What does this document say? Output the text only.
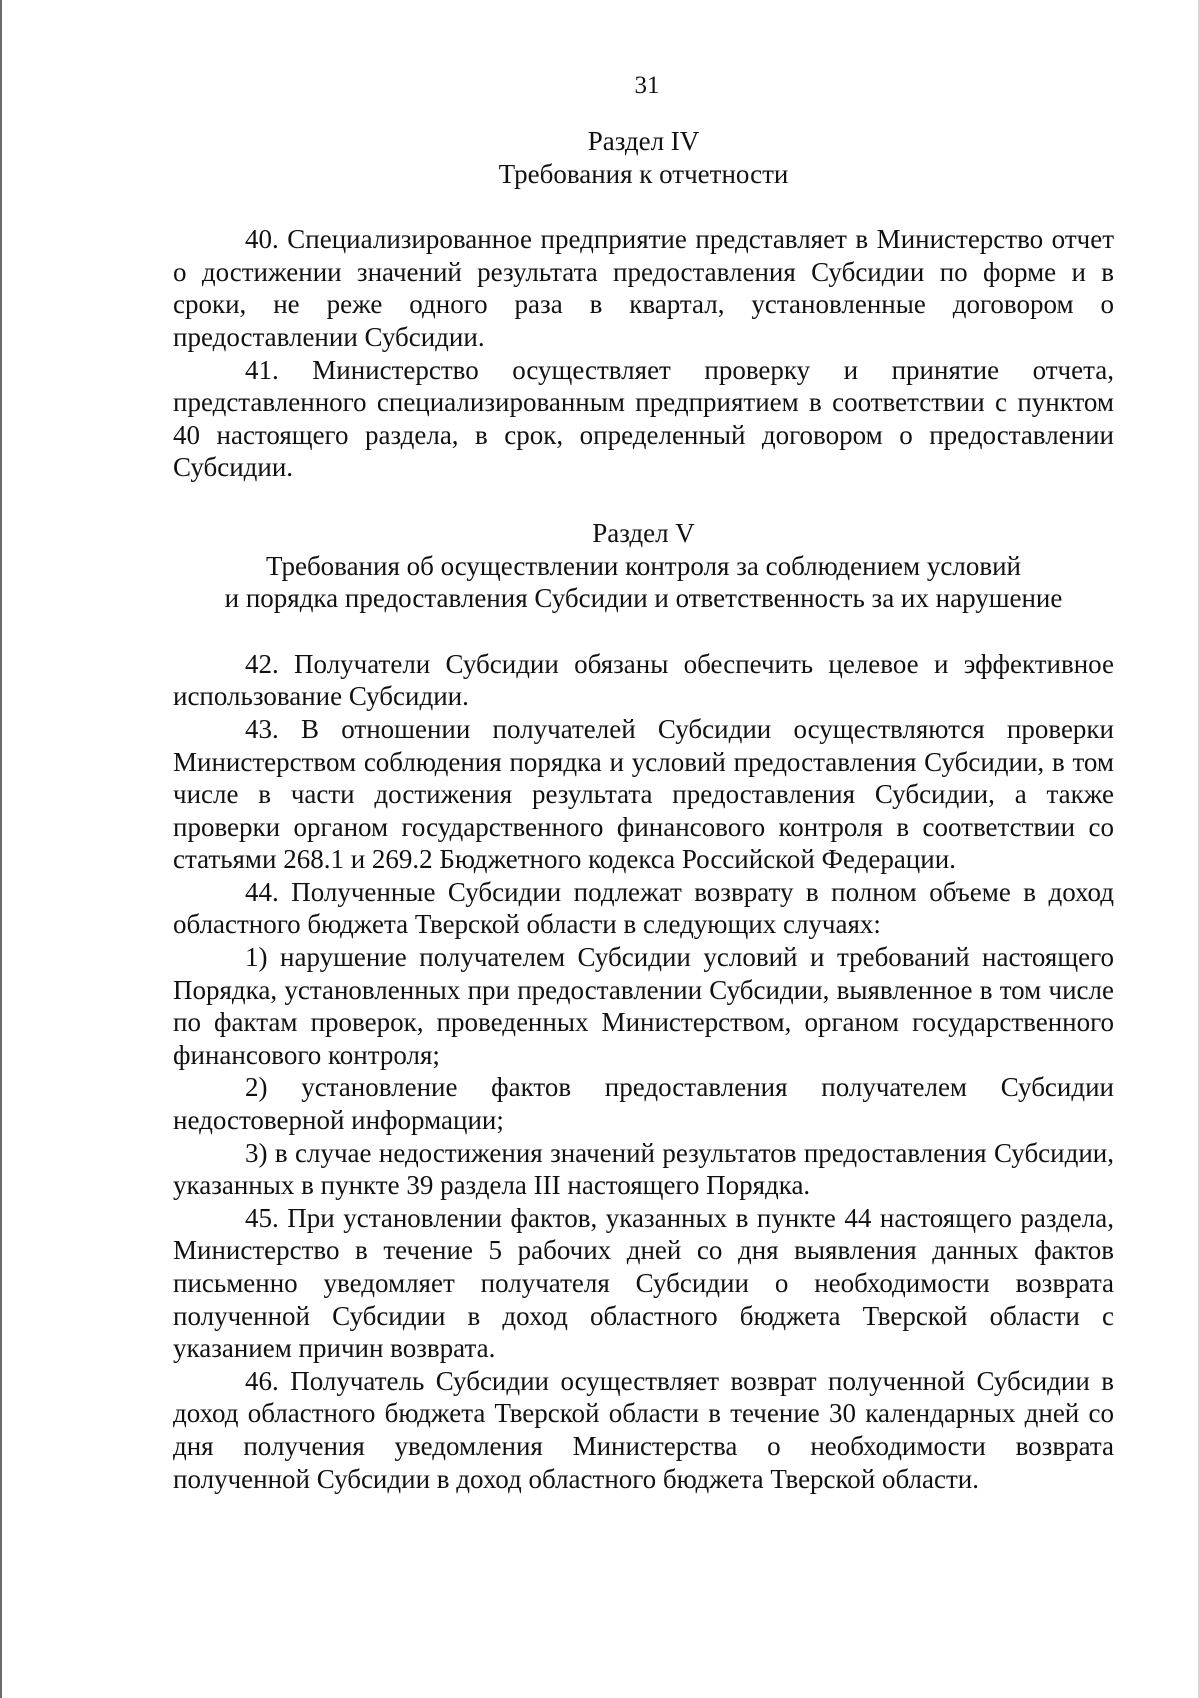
31
Раздел IV
Требования к отчетности

40. Специализированное предприятие представляет в Министерство отчет о достижении значений результата предоставления Субсидии по форме и в сроки, не реже одного раза в квартал, установленные договором о предоставлении Субсидии.

41. Министерство осуществляет проверку и принятие отчета, представленного специализированным предприятием в соответствии с пунктом 40 настоящего раздела, в срок, определенный договором о предоставлении Субсидии.

Раздел V
Требования об осуществлении контроля за соблюдением условий
и порядка предоставления Субсидии и ответственность за их нарушение

42. Получатели Субсидии обязаны обеспечить целевое и эффективное использование Субсидии.

43. В отношении получателей Субсидии осуществляются проверки Министерством соблюдения порядка и условий предоставления Субсидии, в том числе в части достижения результата предоставления Субсидии, а также проверки органом государственного финансового контроля в соответствии со статьями 268.1 и 269.2 Бюджетного кодекса Российской Федерации.

44. Полученные Субсидии подлежат возврату в полном объеме в доход областного бюджета Тверской области в следующих случаях:

1) нарушение получателем Субсидии условий и требований настоящего Порядка, установленных при предоставлении Субсидии, выявленное в том числе по фактам проверок, проведенных Министерством, органом государственного финансового контроля;

2) установление фактов предоставления получателем Субсидии недостоверной информации;

3) в случае недостижения значений результатов предоставления Субсидии, указанных в пункте 39 раздела III настоящего Порядка.

45. При установлении фактов, указанных в пункте 44 настоящего раздела, Министерство в течение 5 рабочих дней со дня выявления данных фактов письменно уведомляет получателя Субсидии о необходимости возврата полученной Субсидии в доход областного бюджета Тверской области с указанием причин возврата.

46. Получатель Субсидии осуществляет возврат полученной Субсидии в доход областного бюджета Тверской области в течение 30 календарных дней со дня получения уведомления Министерства о необходимости возврата полученной Субсидии в доход областного бюджета Тверской области.
